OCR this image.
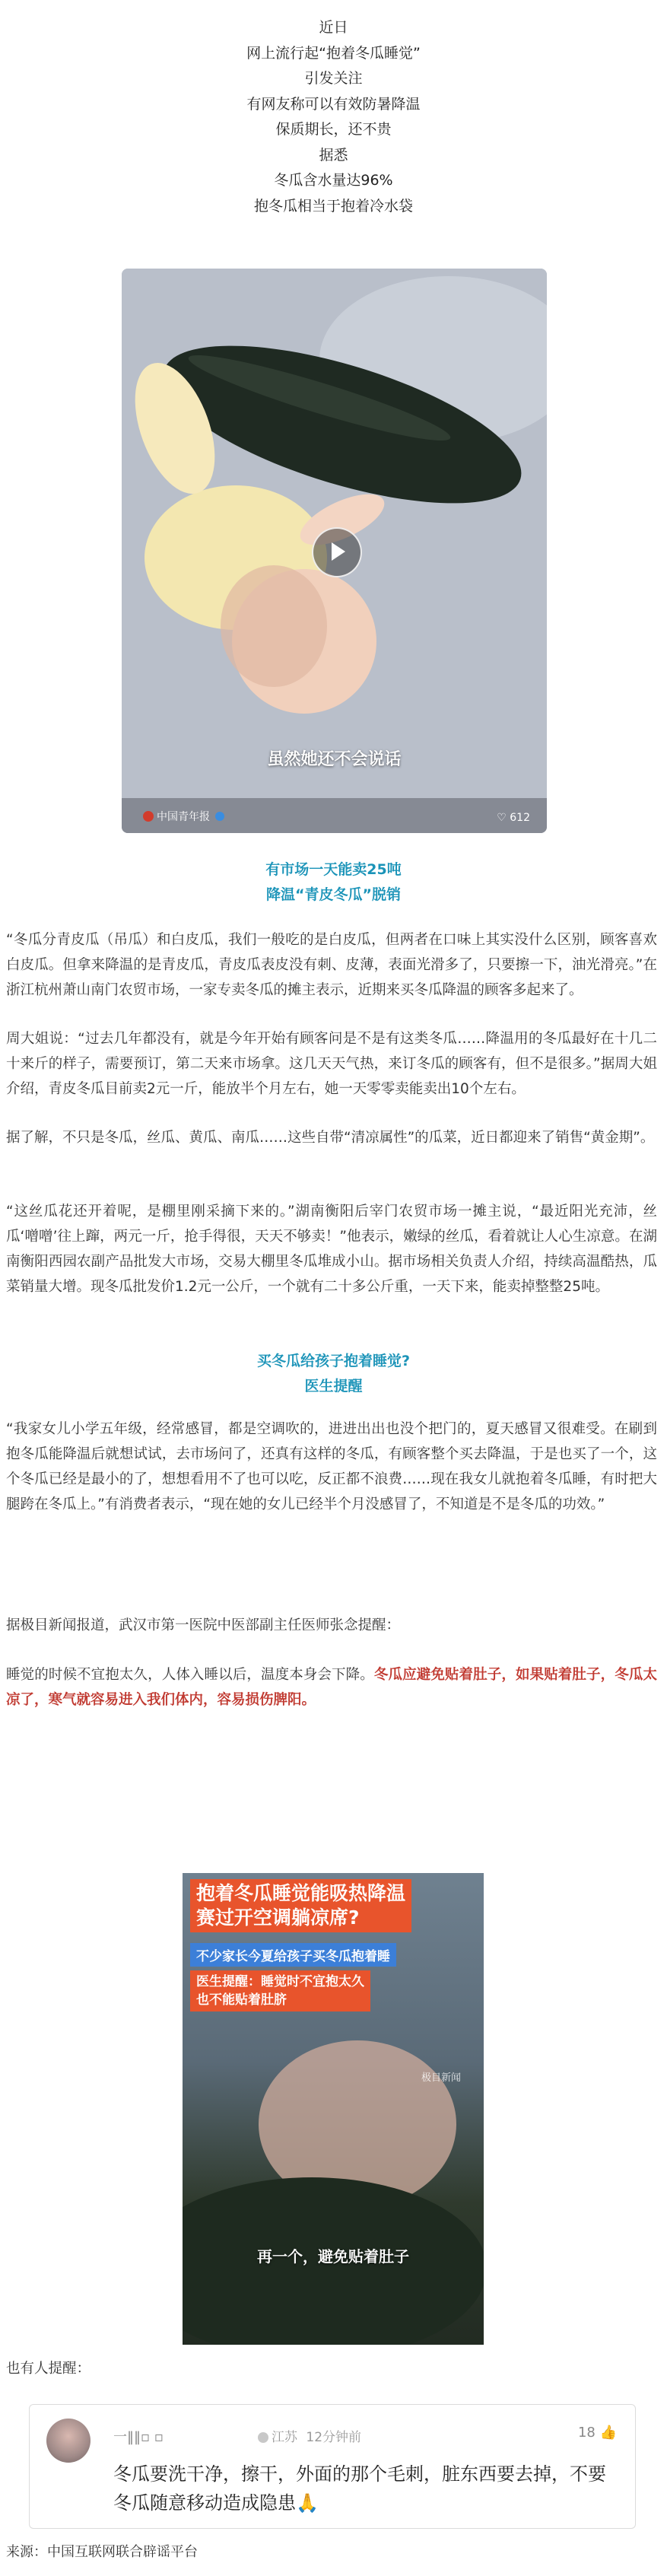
近日
网上流行起“抱着冬瓜睡觉”
引发关注
有网友称可以有效防暑降温
保质期长，还不贵
据悉
冬瓜含水量达96%
抱冬瓜相当于抱着冷水袋
虽然她还不会说话
中国青年报	♡ 612
有市场一天能卖25吨
降温“青皮冬瓜”脱销
“冬瓜分青皮瓜（吊瓜）和白皮瓜，我们一般吃的是白皮瓜，但两者在口味上其实没什么区别，顾客喜欢白皮瓜。但拿来降温的是青皮瓜，青皮瓜表皮没有刺、皮薄，表面光滑多了，只要擦一下，油光滑亮。”在浙江杭州萧山南门农贸市场，一家专卖冬瓜的摊主表示，近期来买冬瓜降温的顾客多起来了。
周大姐说：“过去几年都没有，就是今年开始有顾客问是不是有这类冬瓜……降温用的冬瓜最好在十几二十来斤的样子，需要预订，第二天来市场拿。这几天天气热，来订冬瓜的顾客有，但不是很多。”据周大姐介绍，青皮冬瓜目前卖2元一斤，能放半个月左右，她一天零零卖能卖出10个左右。
据了解，不只是冬瓜，丝瓜、黄瓜、南瓜……这些自带“清凉属性”的瓜菜，近日都迎来了销售“黄金期”。
“这丝瓜花还开着呢，是棚里刚采摘下来的。”湖南衡阳后宰门农贸市场一摊主说，“最近阳光充沛，丝瓜‘噌噌’往上蹿，两元一斤，抢手得很，天天不够卖！”他表示，嫩绿的丝瓜，看着就让人心生凉意。在湖南衡阳西园农副产品批发大市场，交易大棚里冬瓜堆成小山。据市场相关负责人介绍，持续高温酷热，瓜菜销量大增。现冬瓜批发价1.2元一公斤，一个就有二十多公斤重，一天下来，能卖掉整整25吨。
买冬瓜给孩子抱着睡觉?
医生提醒
“我家女儿小学五年级，经常感冒，都是空调吹的，进进出出也没个把门的，夏天感冒又很难受。在刷到抱冬瓜能降温后就想试试，去市场问了，还真有这样的冬瓜，有顾客整个买去降温，于是也买了一个，这个冬瓜已经是最小的了，想想看用不了也可以吃，反正都不浪费……现在我女儿就抱着冬瓜睡，有时把大腿跨在冬瓜上。”有消费者表示，“现在她的女儿已经半个月没感冒了，不知道是不是冬瓜的功效。”
据极目新闻报道，武汉市第一医院中医部副主任医师张念提醒：
睡觉的时候不宜抱太久，人体入睡以后，温度本身会下降。冬瓜应避免贴着肚子，如果贴着肚子，冬瓜太凉了，寒气就容易进入我们体内，容易损伤脾阳。
抱着冬瓜睡觉能吸热降温
赛过开空调躺凉席?
不少家长今夏给孩子买冬瓜抱着睡
医生提醒：睡觉时不宜抱太久
也不能贴着肚脐
极目新闻
再一个，避免贴着肚子
也有人提醒：
一‖‖▫ ▫	江苏 12分钟前	18 👍
冬瓜要洗干净，擦干，外面的那个毛刺，脏东西要去掉，不要冬瓜随意移动造成隐患🙏
来源：中国互联网联合辟谣平台
